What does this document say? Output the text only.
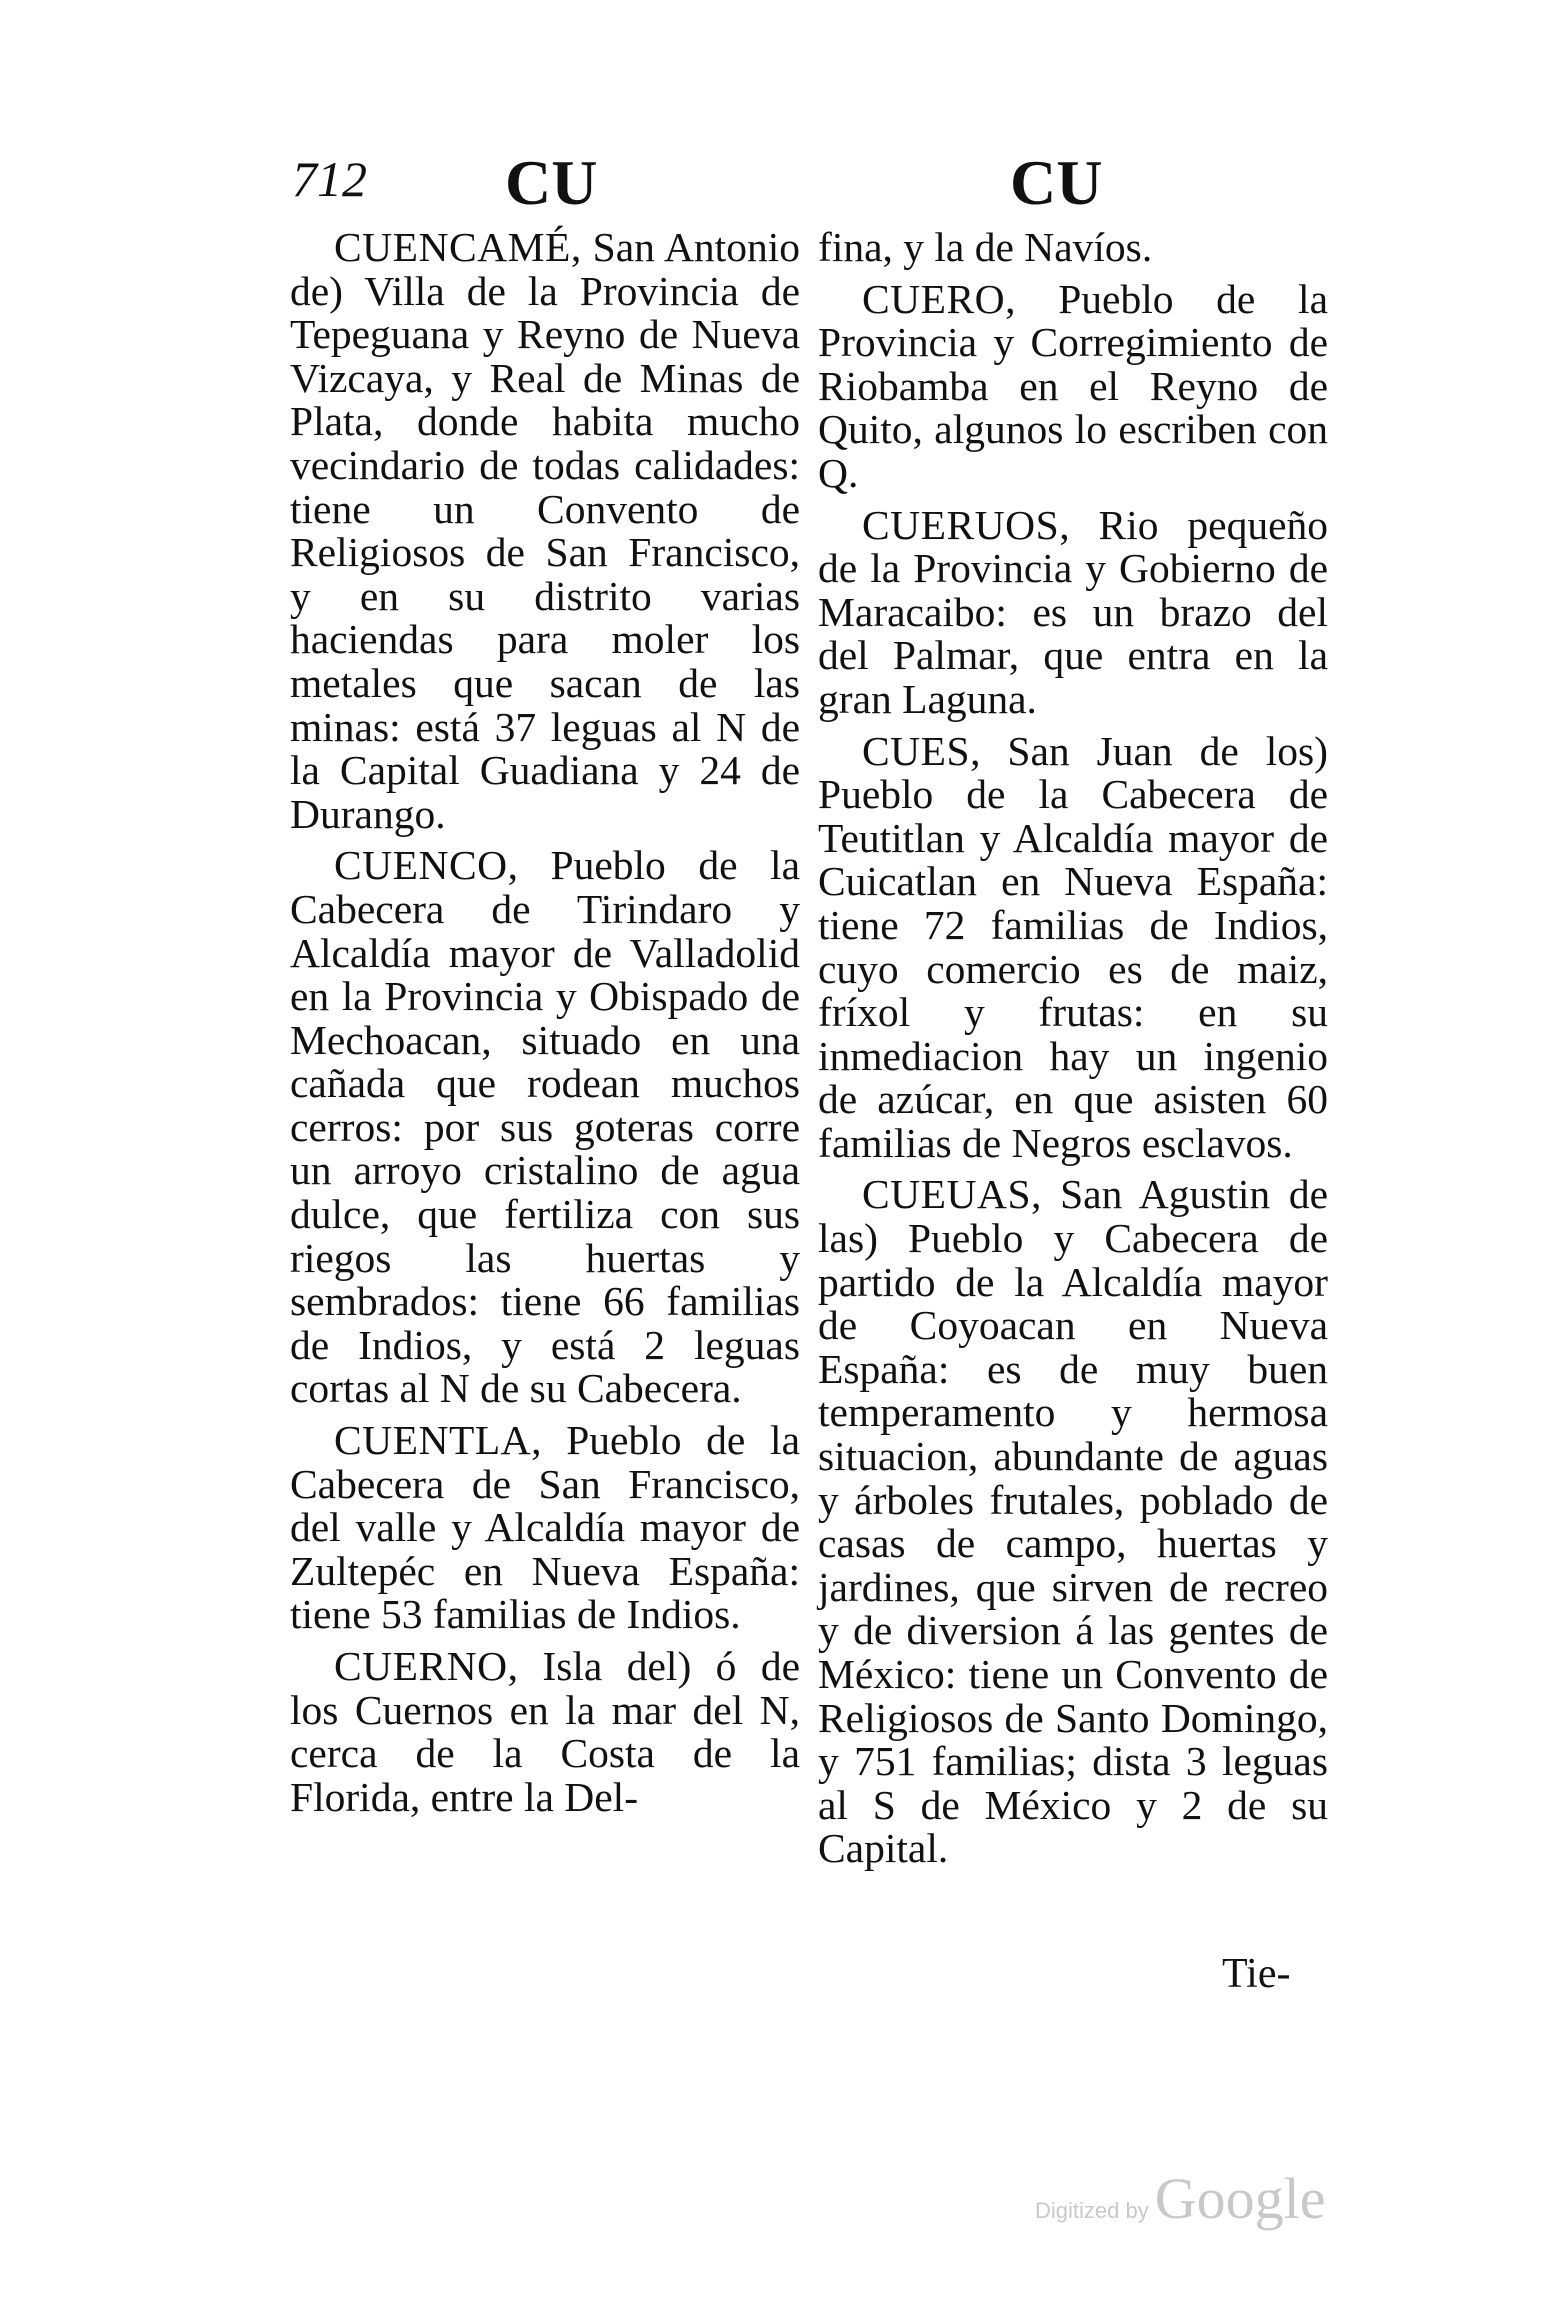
712 CU	CU

CUENCAMÉ, San Antonio de) Villa de la Provincia de Tepeguana y Reyno de Nueva Vizcaya, y Real de Minas de Plata, donde habita mucho vecindario de todas calidades: tiene un Convento de Religiosos de San Francisco, y en su distrito varias haciendas para moler los metales que sacan de las minas: está 37 leguas al N de la Capital Guadiana y 24 de Durango.

CUENCO, Pueblo de la Cabecera de Tirindaro y Alcaldía mayor de Valladolid en la Provincia y Obispado de Mechoacan, situado en una cañada que rodean muchos cerros: por sus goteras corre un arroyo cristalino de agua dulce, que fertiliza con sus riegos las huertas y sembrados: tiene 66 familias de Indios, y está 2 leguas cortas al N de su Cabecera.

CUENTLA, Pueblo de la Cabecera de San Francisco, del valle y Alcaldía mayor de Zultepéc en Nueva España: tiene 53 familias de Indios.

CUERNO, Isla del) ó de los Cuernos en la mar del N, cerca de la Costa de la Florida, entre la Del-

fina, y la de Navíos.

CUERO, Pueblo de la Provincia y Corregimiento de Riobamba en el Reyno de Quito, algunos lo escriben con Q.

CUERUOS, Rio pequeño de la Provincia y Gobierno de Maracaibo: es un brazo del del Palmar, que entra en la gran Laguna.

CUES, San Juan de los) Pueblo de la Cabecera de Teutitlan y Alcaldía mayor de Cuicatlan en Nueva España: tiene 72 familias de Indios, cuyo comercio es de maiz, fríxol y frutas: en su inmediacion hay un ingenio de azúcar, en que asisten 60 familias de Negros esclavos.

CUEUAS, San Agustin de las) Pueblo y Cabecera de partido de la Alcaldía mayor de Coyoacan en Nueva España: es de muy buen temperamento y hermosa situacion, abundante de aguas y árboles frutales, poblado de casas de campo, huertas y jardines, que sirven de recreo y de diversion á las gentes de México: tiene un Convento de Religiosos de Santo Domingo, y 751 familias; dista 3 leguas al S de México y 2 de su Capital.

Tie-
Digitized by Google
